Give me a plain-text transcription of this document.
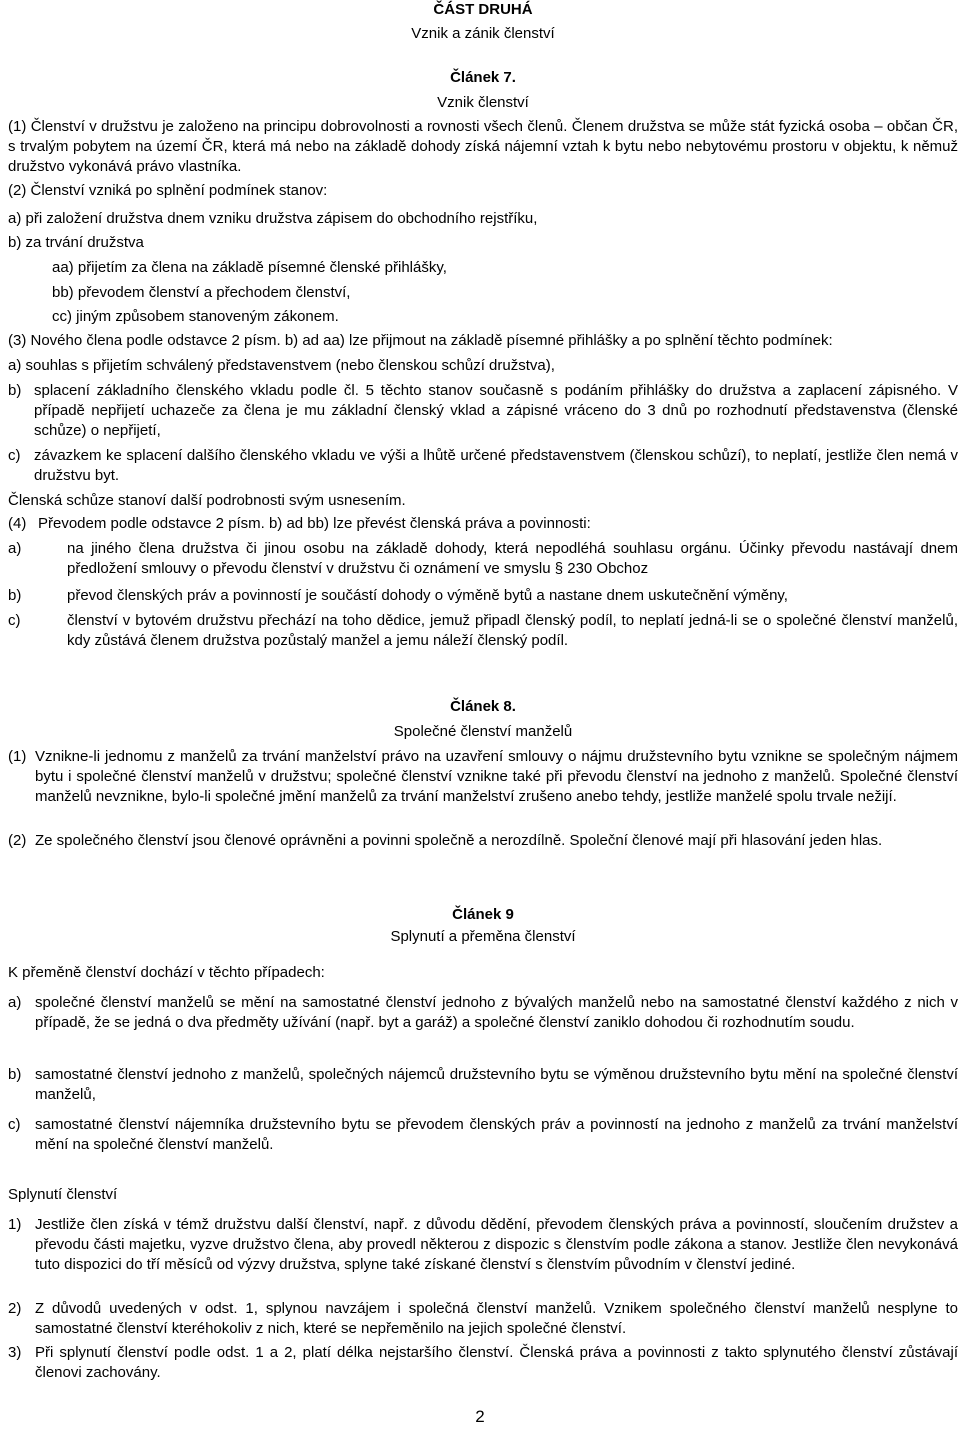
ČÁST DRUHÁ
Vznik a zánik členství
Článek 7.
Vznik členství
(1) Členství v družstvu je založeno na principu dobrovolnosti a rovnosti všech členů. Členem družstva se může stát fyzická osoba – občan ČR, s trvalým pobytem na území ČR, která má nebo na základě dohody získá nájemní vztah k bytu nebo nebytovému prostoru v objektu, k němuž družstvo vykonává právo vlastníka.
(2) Členství vzniká po splnění podmínek stanov:
a) při založení družstva dnem vzniku družstva zápisem do obchodního rejstříku,
b) za trvání družstva
aa) přijetím za člena na základě písemné členské přihlášky,
bb) převodem členství a přechodem členství,
cc) jiným způsobem stanoveným zákonem.
(3) Nového člena podle odstavce 2 písm. b) ad aa) lze přijmout na základě písemné přihlášky a po splnění těchto podmínek:
a) souhlas s přijetím schválený představenstvem (nebo členskou schůzí družstva),
b) splacení základního členského vkladu podle čl. 5 těchto stanov současně s podáním přihlášky do družstva a zaplacení zápisného. V případě nepřijetí uchazeče za člena je mu základní členský vklad a zápisné vráceno do 3 dnů po rozhodnutí představenstva (členské schůze) o nepřijetí,
c) závazkem ke splacení dalšího členského vkladu ve výši a lhůtě určené představenstvem (členskou schůzí), to neplatí, jestliže člen nemá v družstvu byt.
Členská schůze stanoví další podrobnosti svým usnesením.
(4) Převodem podle odstavce 2 písm. b) ad bb) lze převést členská práva a povinnosti:
a)	na jiného člena družstva či jinou osobu na základě dohody, která nepodléhá souhlasu orgánu. Účinky převodu nastávají dnem předložení smlouvy o převodu členství v družstvu či oznámení ve smyslu § 230 Obchoz
b)	převod členských práv a povinností je součástí dohody o výměně bytů a nastane dnem uskutečnění výměny,
c)	členství v bytovém družstvu přechází na toho dědice, jemuž připadl členský podíl, to neplatí jedná-li se o společné členství manželů, kdy zůstává členem družstva pozůstalý manžel a jemu náleží členský podíl.
Článek 8.
Společné členství manželů
(1) Vznikne-li jednomu z manželů za trvání manželství právo na uzavření smlouvy o nájmu družstevního bytu vznikne se společným nájmem bytu i společné členství manželů v družstvu; společné členství vznikne také při převodu členství na jednoho z manželů. Společné členství manželů nevznikne, bylo-li společné jmění manželů za trvání manželství zrušeno anebo tehdy, jestliže manželé spolu trvale nežijí.
(2) Ze společného členství jsou členové oprávněni a povinni společně a nerozdílně. Společní členové mají při hlasování jeden hlas.
Článek 9
Splynutí a přeměna členství
K přeměně členství dochází v těchto případech:
a) společné členství manželů se mění na samostatné členství jednoho z bývalých manželů nebo na samostatné členství každého z nich v případě, že se jedná o dva předměty užívání (např. byt a garáž) a společné členství zaniklo dohodou či rozhodnutím soudu.
b) samostatné členství jednoho z manželů, společných nájemců družstevního bytu se výměnou družstevního bytu mění na společné členství manželů,
c) samostatné členství nájemníka družstevního bytu se převodem členských práv a povinností na jednoho z manželů za trvání manželství mění na společné členství manželů.
Splynutí členství
1) Jestliže člen získá v témž družstvu další členství, např. z důvodu dědění, převodem členských práva a povinností, sloučením družstev a převodu části majetku, vyzve družstvo člena, aby provedl některou z dispozic s členstvím podle zákona a stanov. Jestliže člen nevykonává tuto dispozici do tří měsíců od výzvy družstva, splyne také získané členství s členstvím původním v členství jediné.
2) Z důvodů uvedených v odst. 1, splynou navzájem i společná členství manželů. Vznikem společného členství manželů nesplyne to samostatné členství kteréhokoliv z nich, které se nepřeměnilo na jejich společné členství.
3) Při splynutí členství podle odst. 1 a 2, platí délka nejstaršího členství. Členská práva a povinnosti z takto splynutého členství zůstávají členovi zachovány.
2
